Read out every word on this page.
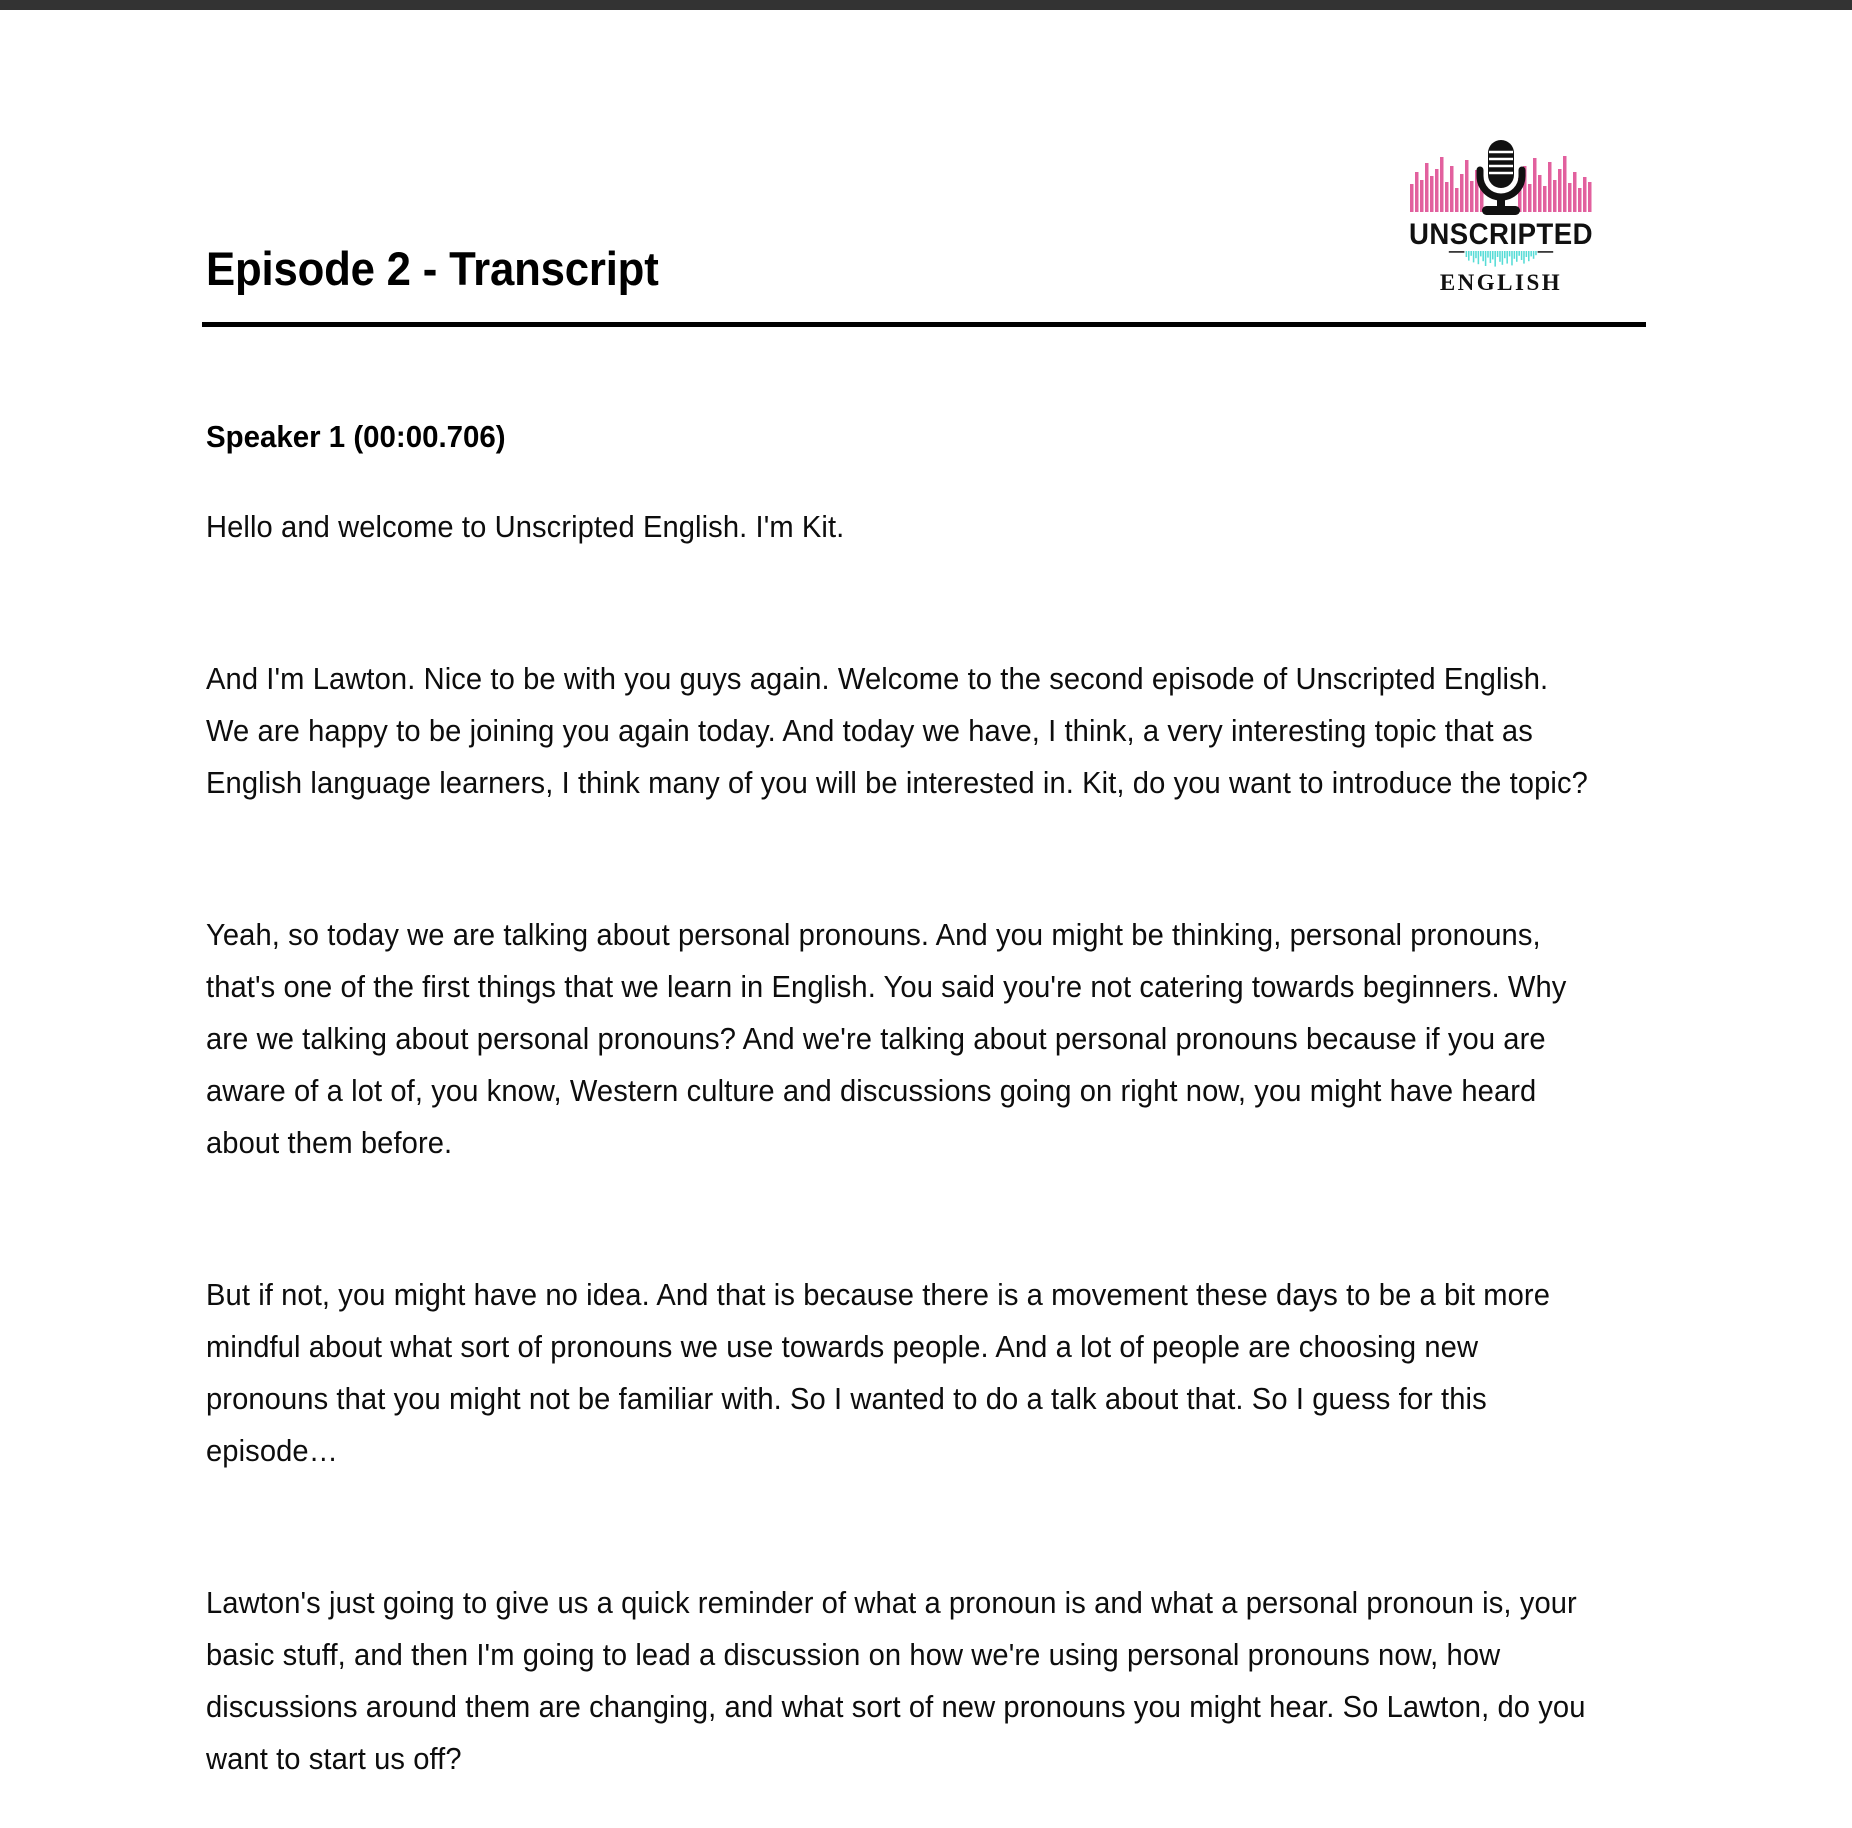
UNSCRIPTED
ENGLISH
Episode 2 - Transcript
Speaker 1 (00:00.706)

Hello and welcome to Unscripted English. I'm Kit.

And I'm Lawton. Nice to be with you guys again. Welcome to the second episode of Unscripted English. We are happy to be joining you again today. And today we have, I think, a very interesting topic that as English language learners, I think many of you will be interested in. Kit, do you want to introduce the topic?

Yeah, so today we are talking about personal pronouns. And you might be thinking, personal pronouns, that's one of the first things that we learn in English. You said you're not catering towards beginners. Why are we talking about personal pronouns? And we're talking about personal pronouns because if you are aware of a lot of, you know, Western culture and discussions going on right now, you might have heard about them before.

But if not, you might have no idea. And that is because there is a movement these days to be a bit more mindful about what sort of pronouns we use towards people. And a lot of people are choosing new pronouns that you might not be familiar with. So I wanted to do a talk about that. So I guess for this episode…

Lawton's just going to give us a quick reminder of what a pronoun is and what a personal pronoun is, your basic stuff, and then I'm going to lead a discussion on how we're using personal pronouns now, how discussions around them are changing, and what sort of new pronouns you might hear. So Lawton, do you want to start us off?
